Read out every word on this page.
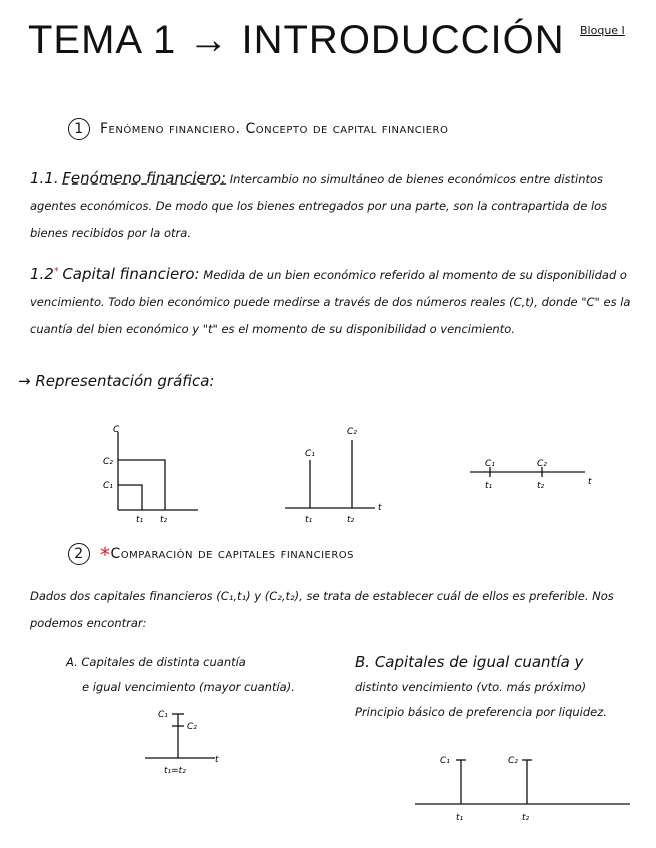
TEMA 1 → INTRODUCCIÓN Bloque I
1 Fenómeno financiero. Concepto de capital financiero
1.1. Fenómeno financiero: Intercambio no simultáneo de bienes económicos entre distintos agentes económicos. De modo que los bienes entregados por una parte, son la contrapartida de los bienes recibidos por la otra.
1.2* Capital financiero: Medida de un bien económico referido al momento de su disponibilidad o vencimiento. Todo bien económico puede medirse a través de dos números reales (C,t), donde "C" es la cuantía del bien económico y "t" es el momento de su disponibilidad o vencimiento.
→ Representación gráfica:
C
C₂
C₁
t₁ t₂
C₁
C₂
t₁	t₂
t
C₁	C₂
t₁	t₂	t
2 *Comparación de capitales financieros
Dados dos capitales financieros (C₁,t₁) y (C₂,t₂), se trata de establecer cuál de ellos es preferible. Nos podemos encontrar:
A. Capitales de distinta cuantía
e igual vencimiento (mayor cuantía).
B. Capitales de igual cuantía y
distinto vencimiento (vto. más próximo)
Principio básico de preferencia por liquidez.
C₁
C₂
t₁=t₂
t	C₁	C₂
t₁	t₂
